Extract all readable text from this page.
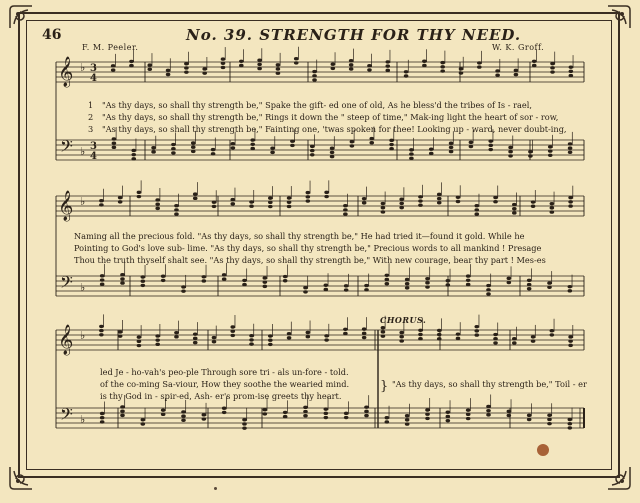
46	No. 39. STRENGTH FOR THY NEED.
F. M. Peeler.	W. K. Groff.
𝄞
𝄢
♭
♭
3
4
3
4
𝄞
𝄢
♭
♭
𝄞
𝄢
♭
♭
1
2
3
"As thy days, so shall thy strength be," Spake the gift- ed one of old, As he bless'd the tribes of Is - rael,
"As thy days, so shall thy strength be," Rings it down the " steep of time," Mak-ing light the heart of sor - row,
"As thy days, so shall thy strength be," Fainting one, 'twas spoken for thee! Looking up - ward, never doubt-ing,
Naming all the precious fold. "As thy days, so shall thy strength be," He had tried it—found it gold. While he
Pointing to God's love sub- lime. "As thy days, so shall thy strength be," Precious words to all mankind ! Presage
Thou the truth thyself shalt see. "As thy days, so shall thy strength be," With new courage, bear thy part ! Mes-es
CHORUS.
led Je - ho-vah's peo-ple Through sore tri - als un-fore - told.
of the co-ming Sa-viour, How they soothe the wearied mind.
is thy God in - spir-ed, Ash- er's prom-ise greets thy heart.
} "As thy days, so shall thy strength be," Toil - er
